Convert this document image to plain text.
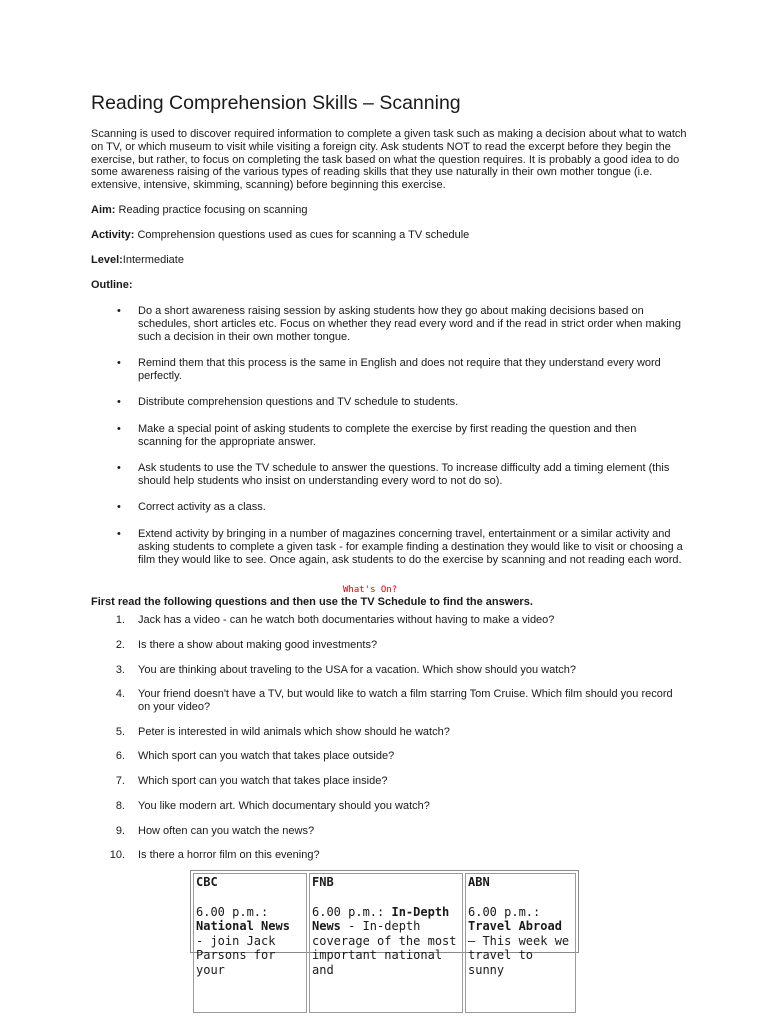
Reading Comprehension Skills – Scanning

Scanning is used to discover required information to complete a given task such as making a decision about what to watch on TV, or which museum to visit while visiting a foreign city. Ask students NOT to read the excerpt before they begin the exercise, but rather, to focus on completing the task based on what the question requires. It is probably a good idea to do some awareness raising of the various types of reading skills that they use naturally in their own mother tongue (i.e. extensive, intensive, skimming, scanning) before beginning this exercise.

Aim: Reading practice focusing on scanning

Activity: Comprehension questions used as cues for scanning a TV schedule

Level:Intermediate

Outline:

• Do a short awareness raising session by asking students how they go about making decisions based on schedules, short articles etc. Focus on whether they read every word and if the read in strict order when making such a decision in their own mother tongue.

• Remind them that this process is the same in English and does not require that they understand every word perfectly.

• Distribute comprehension questions and TV schedule to students.

• Make a special point of asking students to complete the exercise by first reading the question and then scanning for the appropriate answer.

• Ask students to use the TV schedule to answer the questions. To increase difficulty add a timing element (this should help students who insist on understanding every word to not do so).

• Correct activity as a class.

• Extend activity by bringing in a number of magazines concerning travel, entertainment or a similar activity and asking students to complete a given task - for example finding a destination they would like to visit or choosing a film they would like to see. Once again, ask students to do the exercise by scanning and not reading each word.

What's On?

First read the following questions and then use the TV Schedule to find the answers.

1. Jack has a video - can he watch both documentaries without having to make a video?

2. Is there a show about making good investments?

3. You are thinking about traveling to the USA for a vacation. Which show should you watch?

4. Your friend doesn't have a TV, but would like to watch a film starring Tom Cruise. Which film should you record on your video?

5. Peter is interested in wild animals which show should he watch?

6. Which sport can you watch that takes place outside?

7. Which sport can you watch that takes place inside?

8. You like modern art. Which documentary should you watch?

9. How often can you watch the news?

10. Is there a horror film on this evening?

CBC
6.00 p.m.:
National News - join Jack Parsons for your
FNB
6.00 p.m.: In-Depth News - In-depth coverage of the most important national and
ABN
6.00 p.m.:
Travel Abroad – This week we travel to sunny
